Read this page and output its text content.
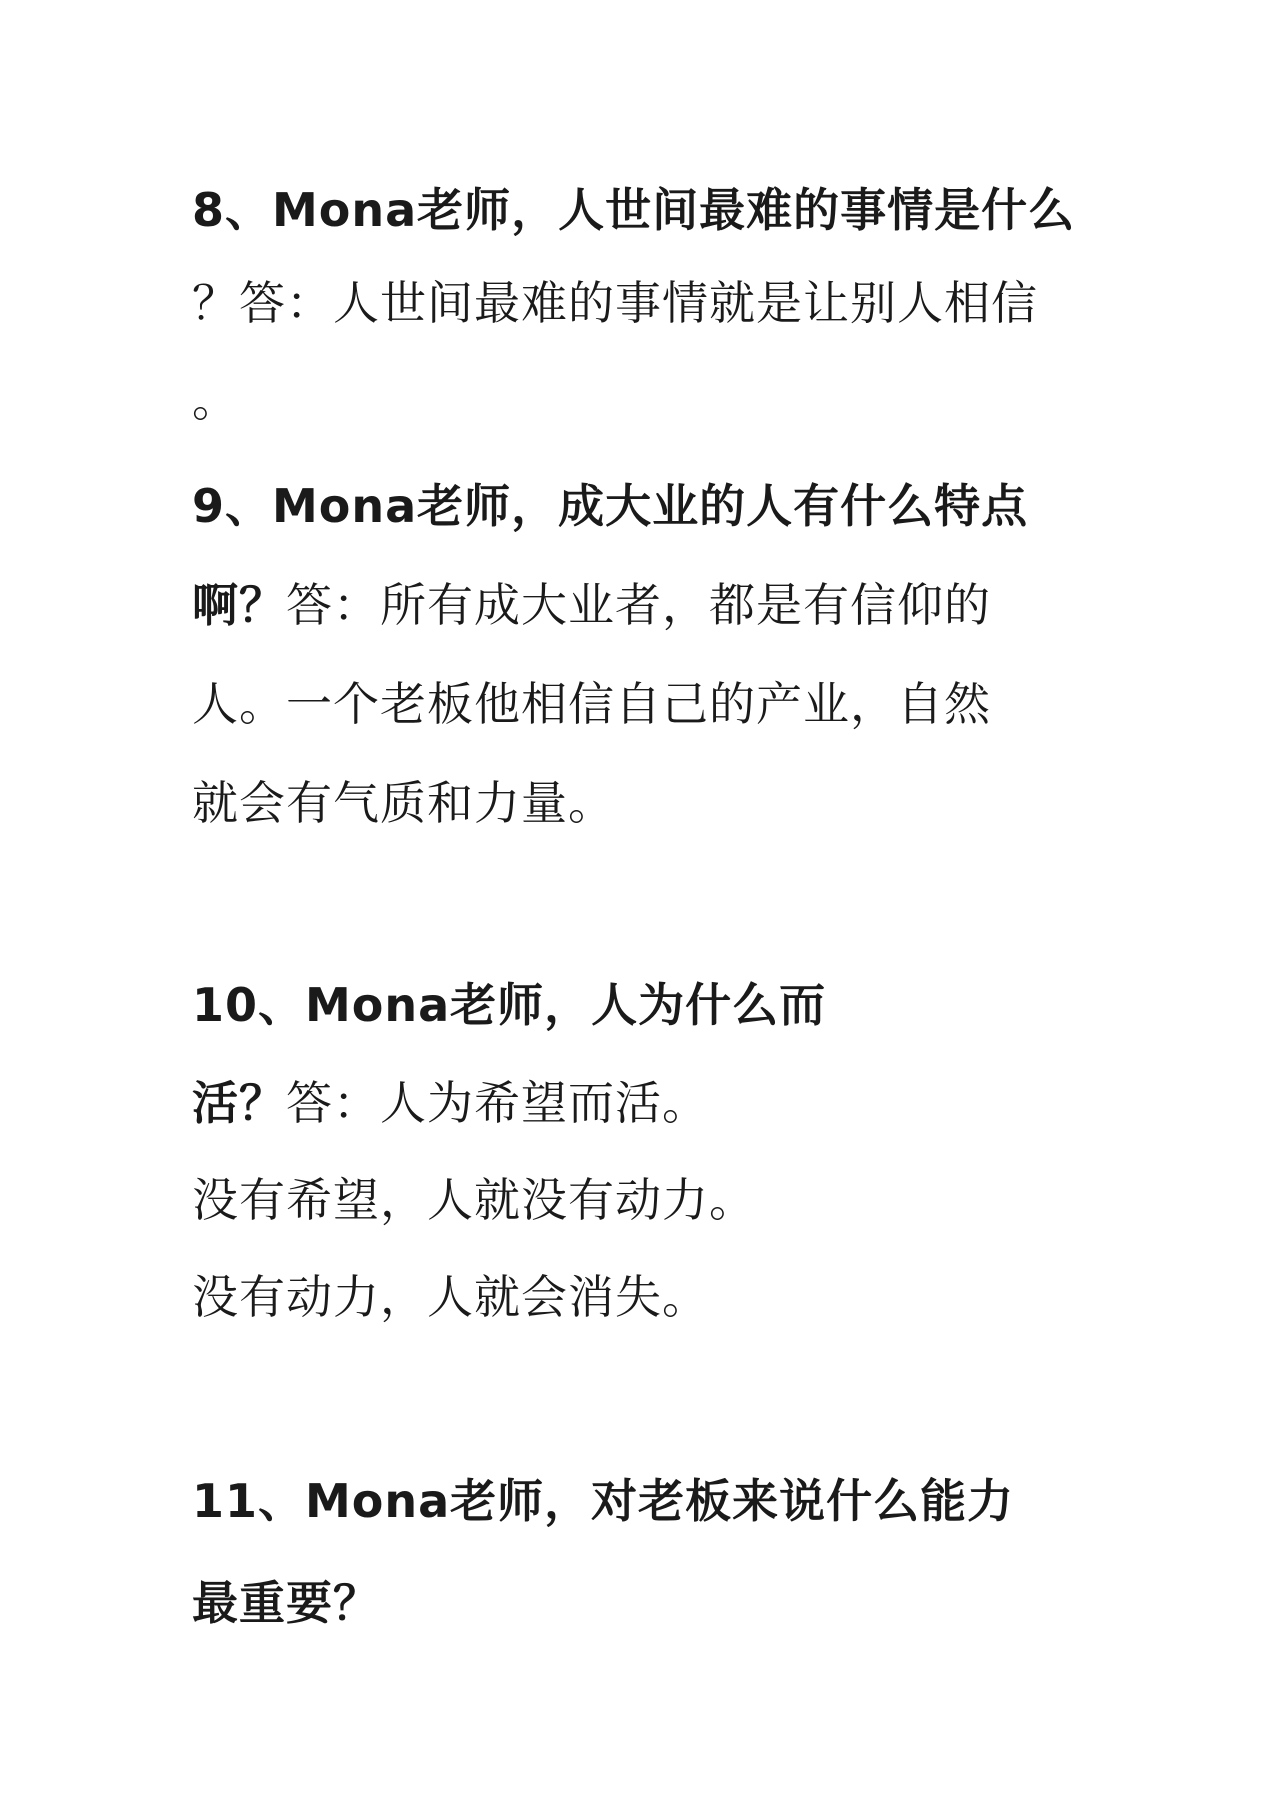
8、Mona老师，人世间最难的事情是什么
？答：人世间最难的事情就是让别人相信
。
9、Mona老师，成大业的人有什么特点
啊？答：所有成大业者，都是有信仰的
人。一个老板他相信自己的产业，自然
就会有气质和力量。
10、Mona老师，人为什么而
活？答：人为希望而活。
没有希望，人就没有动力。
没有动力，人就会消失。
11、Mona老师，对老板来说什么能力
最重要？
